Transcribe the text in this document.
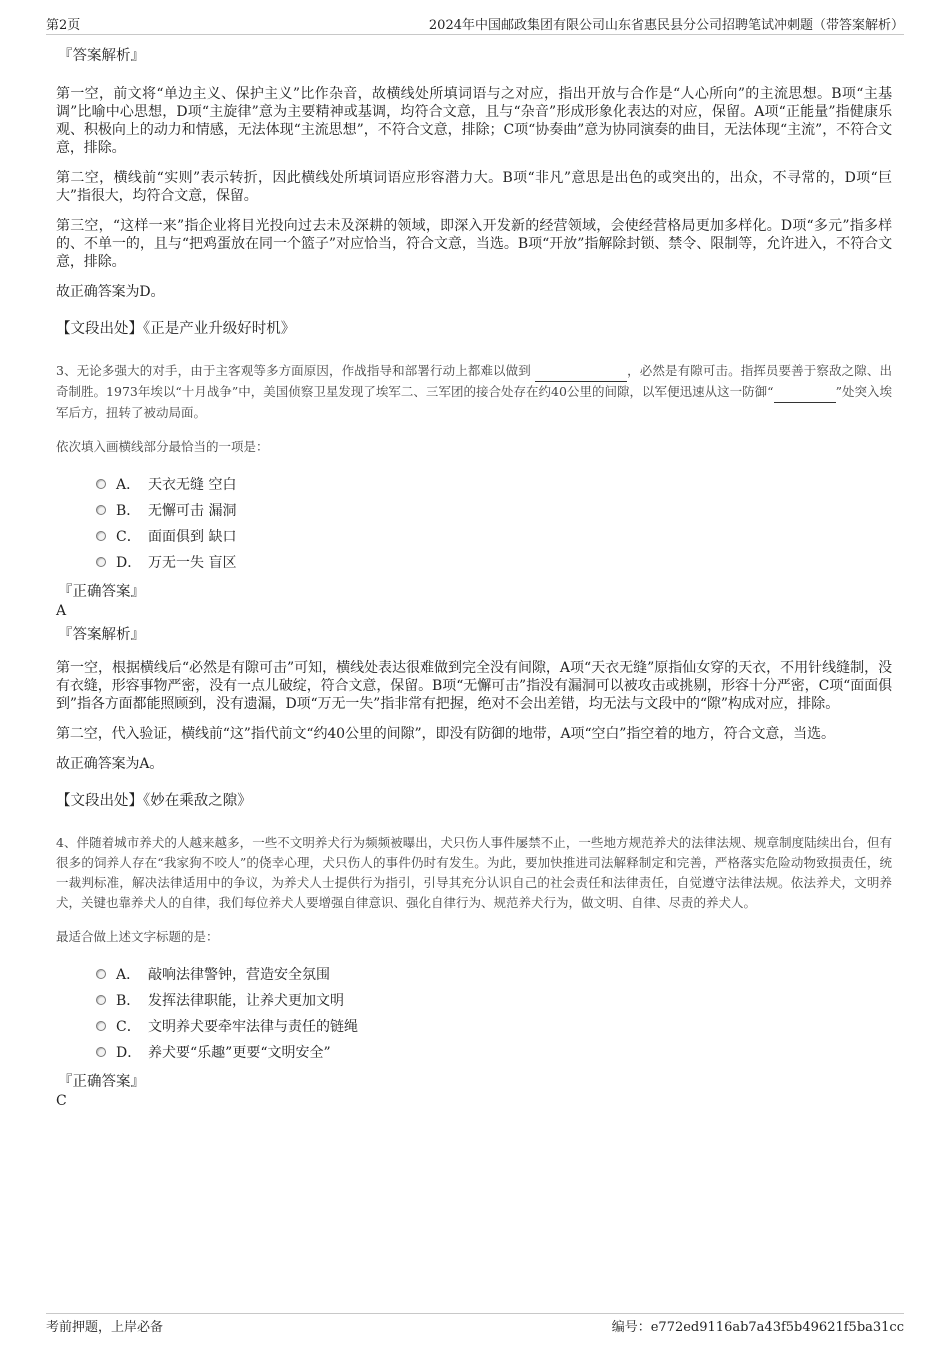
第2页	2024年中国邮政集团有限公司山东省惠民县分公司招聘笔试冲刺题（带答案解析）
『答案解析』

第一空，前文将“单边主义、保护主义”比作杂音，故横线处所填词语与之对应，指出开放与合作是“人心所向”的主流思想。B项“主基调”比喻中心思想，D项“主旋律”意为主要精神或基调，均符合文意，且与“杂音”形成形象化表达的对应，保留。A项“正能量”指健康乐观、积极向上的动力和情感，无法体现“主流思想”，不符合文意，排除；C项“协奏曲”意为协同演奏的曲目，无法体现“主流”，不符合文意，排除。

第二空，横线前“实则”表示转折，因此横线处所填词语应形容潜力大。B项“非凡”意思是出色的或突出的，出众，不寻常的，D项“巨大”指很大，均符合文意，保留。

第三空，“这样一来”指企业将目光投向过去未及深耕的领域，即深入开发新的经营领域，会使经营格局更加多样化。D项“多元”指多样的、不单一的，且与“把鸡蛋放在同一个篮子”对应恰当，符合文意，当选。B项“开放”指解除封锁、禁令、限制等，允许进入，不符合文意，排除。

故正确答案为D。

【文段出处】《正是产业升级好时机》

3、无论多强大的对手，由于主客观等多方面原因，作战指导和部署行动上都难以做到	，必然是有隙可击。指挥员要善于察敌之隙、出奇制胜。1973年埃以“十月战争”中，美国侦察卫星发现了埃军二、三军团的接合处存在约40公里的间隙，以军便迅速从这一防御“	”处突入埃军后方，扭转了被动局面。

依次填入画横线部分最恰当的一项是：

A． 天衣无缝 空白
B． 无懈可击 漏洞
C． 面面俱到 缺口
D． 万无一失 盲区
『正确答案』
A
『答案解析』

第一空，根据横线后“必然是有隙可击”可知，横线处表达很难做到完全没有间隙，A项“天衣无缝”原指仙女穿的天衣，不用针线缝制，没有衣缝，形容事物严密，没有一点儿破绽，符合文意，保留。B项“无懈可击”指没有漏洞可以被攻击或挑剔，形容十分严密，C项“面面俱到”指各方面都能照顾到，没有遗漏，D项“万无一失”指非常有把握，绝对不会出差错，均无法与文段中的“隙”构成对应，排除。

第二空，代入验证，横线前“这”指代前文“约40公里的间隙”，即没有防御的地带，A项“空白”指空着的地方，符合文意，当选。

故正确答案为A。

【文段出处】《妙在乘敌之隙》

4、伴随着城市养犬的人越来越多，一些不文明养犬行为频频被曝出，犬只伤人事件屡禁不止，一些地方规范养犬的法律法规、规章制度陆续出台，但有很多的饲养人存在“我家狗不咬人”的侥幸心理，犬只伤人的事件仍时有发生。为此，要加快推进司法解释制定和完善，严格落实危险动物致损责任，统一裁判标准，解决法律适用中的争议，为养犬人士提供行为指引，引导其充分认识自己的社会责任和法律责任，自觉遵守法律法规。依法养犬，文明养犬，关键也靠养犬人的自律，我们每位养犬人要增强自律意识、强化自律行为、规范养犬行为，做文明、自律、尽责的养犬人。

最适合做上述文字标题的是：

A． 敲响法律警钟，营造安全氛围
B． 发挥法律职能，让养犬更加文明
C． 文明养犬要牵牢法律与责任的链绳
D． 养犬要“乐趣”更要“文明安全”
『正确答案』
C
考前押题，上岸必备	编号：e772ed9116ab7a43f5b49621f5ba31cc
